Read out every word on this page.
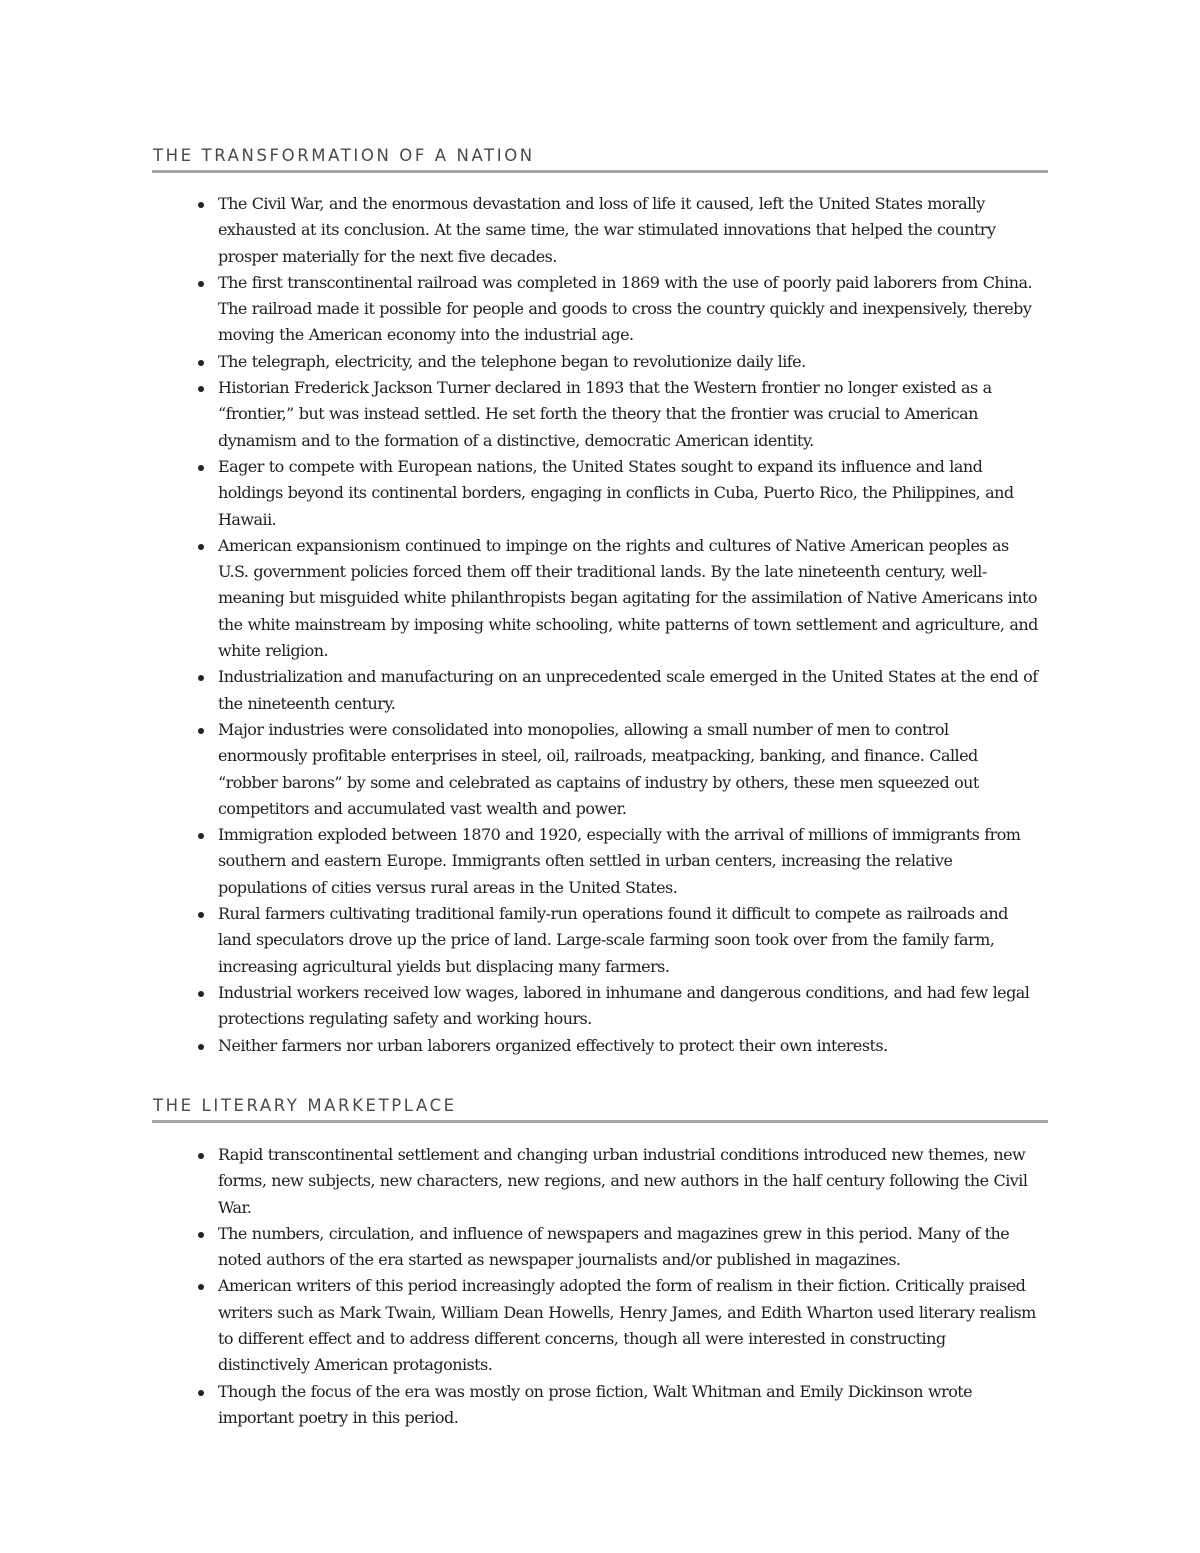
THE TRANSFORMATION OF A NATION
The Civil War, and the enormous devastation and loss of life it caused, left the United States morally exhausted at its conclusion. At the same time, the war stimulated innovations that helped the country prosper materially for the next five decades.
The first transcontinental railroad was completed in 1869 with the use of poorly paid laborers from China. The railroad made it possible for people and goods to cross the country quickly and inexpensively, thereby moving the American economy into the industrial age.
The telegraph, electricity, and the telephone began to revolutionize daily life.
Historian Frederick Jackson Turner declared in 1893 that the Western frontier no longer existed as a “frontier,” but was instead settled. He set forth the theory that the frontier was crucial to American dynamism and to the formation of a distinctive, democratic American identity.
Eager to compete with European nations, the United States sought to expand its influence and land holdings beyond its continental borders, engaging in conflicts in Cuba, Puerto Rico, the Philippines, and Hawaii.
American expansionism continued to impinge on the rights and cultures of Native American peoples as U.S. government policies forced them off their traditional lands. By the late nineteenth century, well-meaning but misguided white philanthropists began agitating for the assimilation of Native Americans into the white mainstream by imposing white schooling, white patterns of town settlement and agriculture, and white religion.
Industrialization and manufacturing on an unprecedented scale emerged in the United States at the end of the nineteenth century.
Major industries were consolidated into monopolies, allowing a small number of men to control enormously profitable enterprises in steel, oil, railroads, meatpacking, banking, and finance. Called “robber barons” by some and celebrated as captains of industry by others, these men squeezed out competitors and accumulated vast wealth and power.
Immigration exploded between 1870 and 1920, especially with the arrival of millions of immigrants from southern and eastern Europe. Immigrants often settled in urban centers, increasing the relative populations of cities versus rural areas in the United States.
Rural farmers cultivating traditional family-run operations found it difficult to compete as railroads and land speculators drove up the price of land. Large-scale farming soon took over from the family farm, increasing agricultural yields but displacing many farmers.
Industrial workers received low wages, labored in inhumane and dangerous conditions, and had few legal protections regulating safety and working hours.
Neither farmers nor urban laborers organized effectively to protect their own interests.
THE LITERARY MARKETPLACE
Rapid transcontinental settlement and changing urban industrial conditions introduced new themes, new forms, new subjects, new characters, new regions, and new authors in the half century following the Civil War.
The numbers, circulation, and influence of newspapers and magazines grew in this period. Many of the noted authors of the era started as newspaper journalists and/or published in magazines.
American writers of this period increasingly adopted the form of realism in their fiction. Critically praised writers such as Mark Twain, William Dean Howells, Henry James, and Edith Wharton used literary realism to different effect and to address different concerns, though all were interested in constructing distinctively American protagonists.
Though the focus of the era was mostly on prose fiction, Walt Whitman and Emily Dickinson wrote important poetry in this period.
